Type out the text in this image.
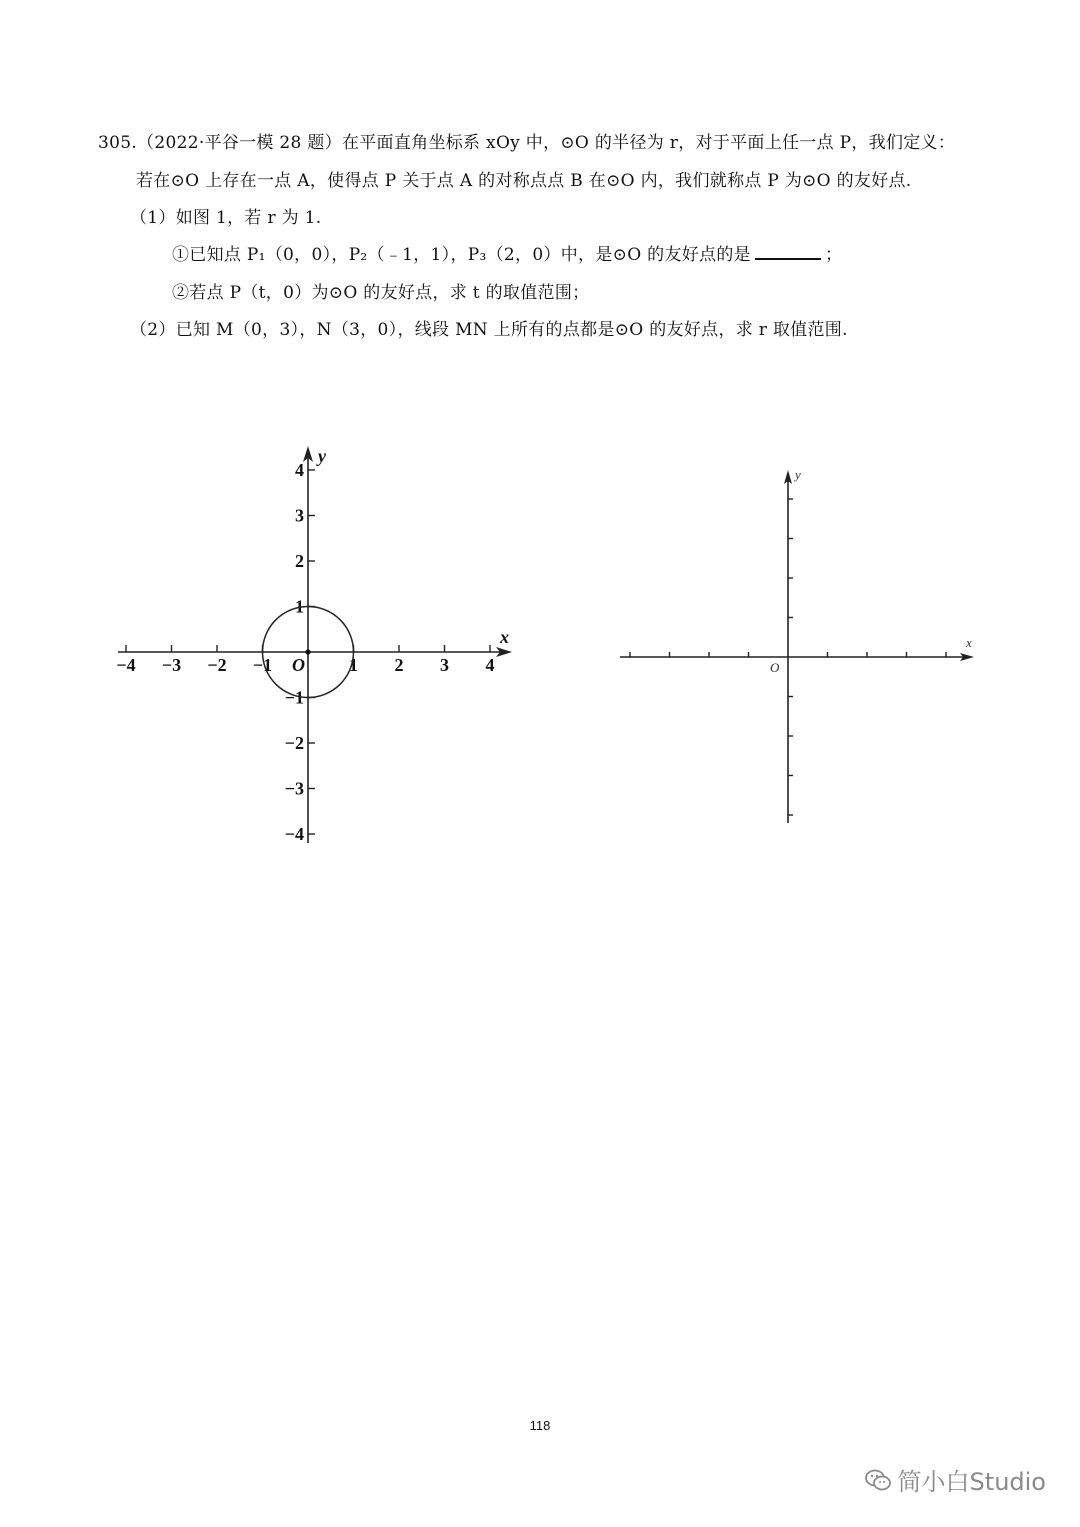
305.（2022·平谷一模 28 题）在平面直角坐标系 xOy 中，⊙O 的半径为 r，对于平面上任一点 P，我们定义：
若在⊙O 上存在一点 A，使得点 P 关于点 A 的对称点点 B 在⊙O 内，我们就称点 P 为⊙O 的友好点.
（1）如图 1，若 r 为 1.
①已知点 P₁（0，0），P₂（﹣1，1），P₃（2，0）中，是⊙O 的友好点的是	；
②若点 P（t，0）为⊙O 的友好点，求 t 的取值范围；
（2）已知 M（0，3），N（3，0），线段 MN 上所有的点都是⊙O 的友好点，求 r 取值范围.
−4 −3 −2 −1	1 2 3 4
4
3
2
1
−1
−2
−3
−4
x
y
O
x
y
O
118
简小白Studio
